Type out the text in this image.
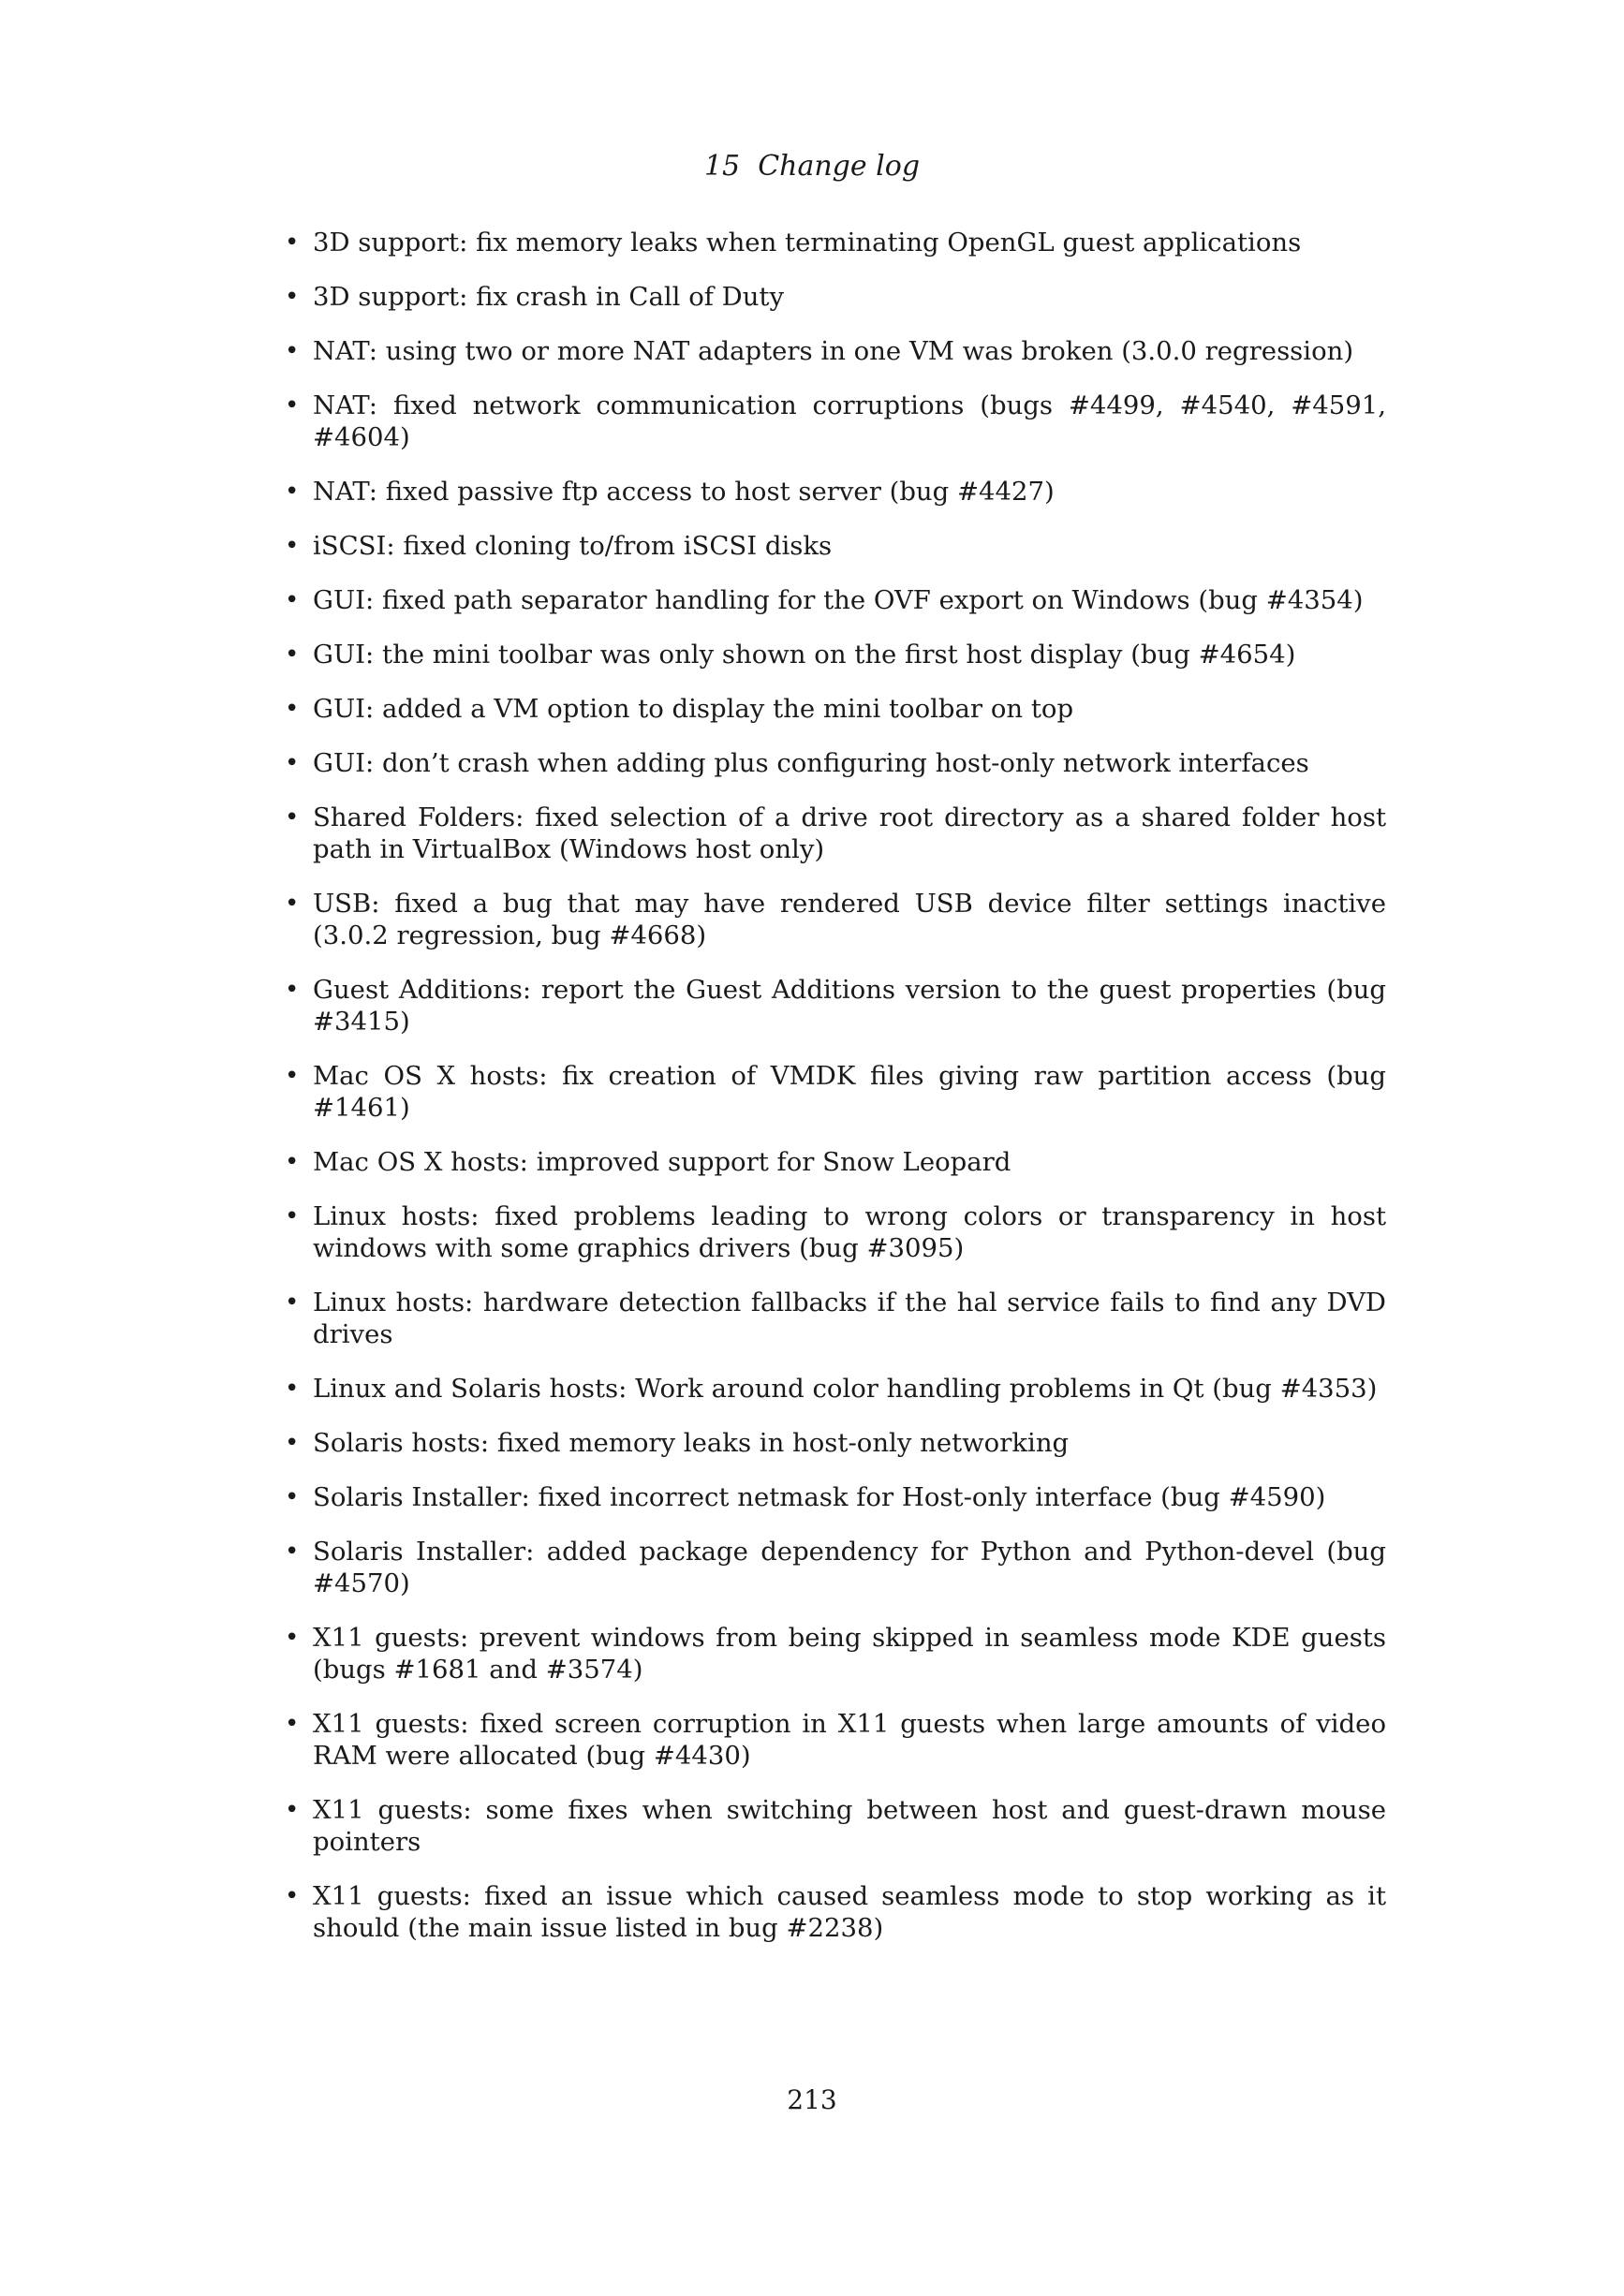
15 Change log
• 3D support: fix memory leaks when terminating OpenGL guest applications
• 3D support: fix crash in Call of Duty
• NAT: using two or more NAT adapters in one VM was broken (3.0.0 regression)
• NAT: fixed network communication corruptions (bugs #4499, #4540, #4591, #4604)
• NAT: fixed passive ftp access to host server (bug #4427)
• iSCSI: fixed cloning to/from iSCSI disks
• GUI: fixed path separator handling for the OVF export on Windows (bug #4354)
• GUI: the mini toolbar was only shown on the first host display (bug #4654)
• GUI: added a VM option to display the mini toolbar on top
• GUI: don’t crash when adding plus configuring host-only network interfaces
• Shared Folders: fixed selection of a drive root directory as a shared folder host path in VirtualBox (Windows host only)
• USB: fixed a bug that may have rendered USB device filter settings inactive (3.0.2 regression, bug #4668)
• Guest Additions: report the Guest Additions version to the guest properties (bug #3415)
• Mac OS X hosts: fix creation of VMDK files giving raw partition access (bug #1461)
• Mac OS X hosts: improved support for Snow Leopard
• Linux hosts: fixed problems leading to wrong colors or transparency in host windows with some graphics drivers (bug #3095)
• Linux hosts: hardware detection fallbacks if the hal service fails to find any DVD drives
• Linux and Solaris hosts: Work around color handling problems in Qt (bug #4353)
• Solaris hosts: fixed memory leaks in host-only networking
• Solaris Installer: fixed incorrect netmask for Host-only interface (bug #4590)
• Solaris Installer: added package dependency for Python and Python-devel (bug #4570)
• X11 guests: prevent windows from being skipped in seamless mode KDE guests (bugs #1681 and #3574)
• X11 guests: fixed screen corruption in X11 guests when large amounts of video RAM were allocated (bug #4430)
• X11 guests: some fixes when switching between host and guest-drawn mouse pointers
• X11 guests: fixed an issue which caused seamless mode to stop working as it should (the main issue listed in bug #2238)
213
